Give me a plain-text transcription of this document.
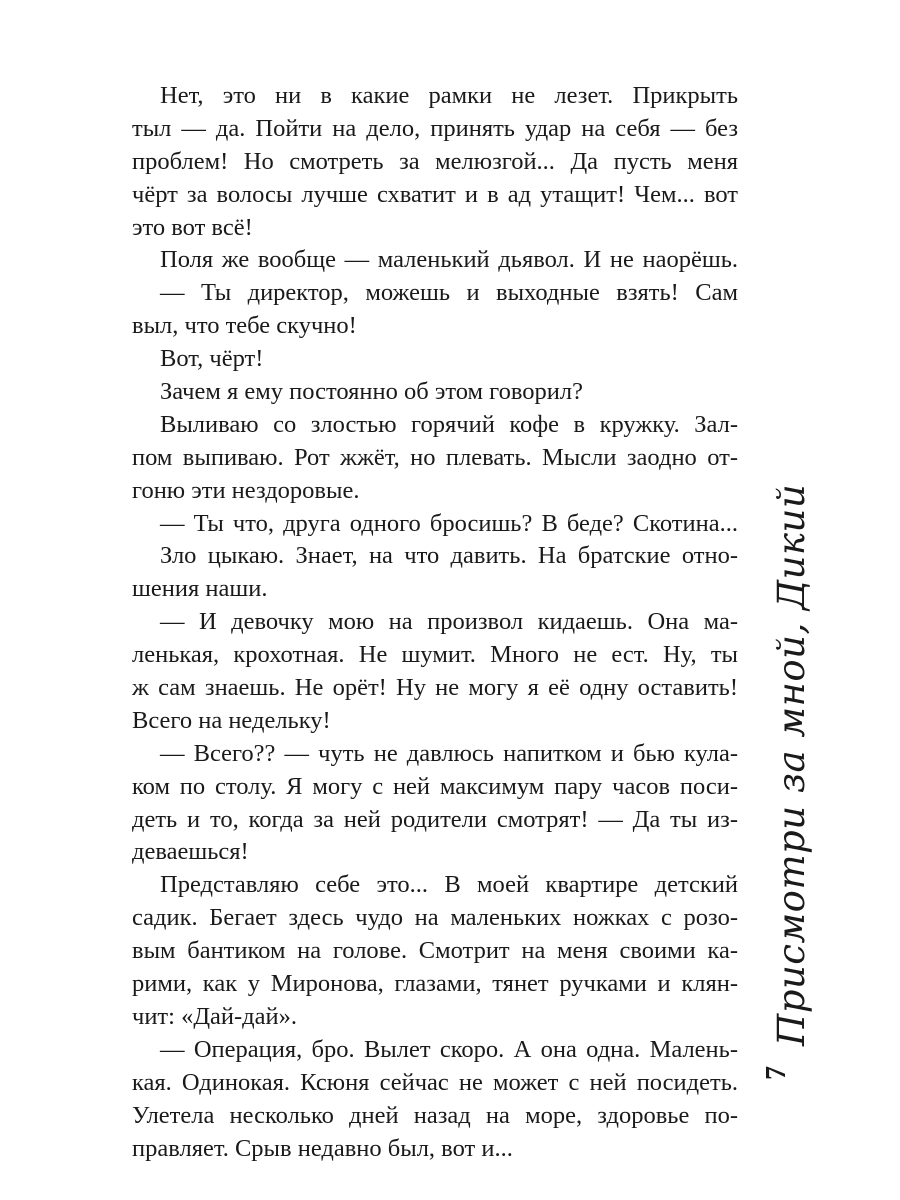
Нет, это ни в какие рамки не лезет. Прикрыть
тыл — да. Пойти на дело, принять удар на себя — без
проблем! Но смотреть за мелюзгой... Да пусть меня
чёрт за волосы лучше схватит и в ад утащит! Чем... вот
это вот всё!
Поля же вообще — маленький дьявол. И не наорёшь.
— Ты директор, можешь и выходные взять! Сам
выл, что тебе скучно!
Вот, чёрт!
Зачем я ему постоянно об этом говорил?
Выливаю со злостью горячий кофе в кружку. Зал-
пом выпиваю. Рот жжёт, но плевать. Мысли заодно от-
гоню эти нездоровые.
— Ты что, друга одного бросишь? В беде? Скотина...
Зло цыкаю. Знает, на что давить. На братские отно-
шения наши.
— И девочку мою на произвол кидаешь. Она ма-
ленькая, крохотная. Не шумит. Много не ест. Ну, ты
ж сам знаешь. Не орёт! Ну не могу я её одну оставить!
Всего на недельку!
— Всего?? — чуть не давлюсь напитком и бью кула-
ком по столу. Я могу с ней максимум пару часов поси-
деть и то, когда за ней родители смотрят! — Да ты из-
деваешься!
Представляю себе это... В моей квартире детский
садик. Бегает здесь чудо на маленьких ножках с розо-
вым бантиком на голове. Смотрит на меня своими ка-
рими, как у Миронова, глазами, тянет ручками и клян-
чит: «Дай-дай».
— Операция, бро. Вылет скоро. А она одна. Малень-
кая. Одинокая. Ксюня сейчас не может с ней посидеть.
Улетела несколько дней назад на море, здоровье по-
правляет. Срыв недавно был, вот и...
Присмотри за мной, Дикий
7
